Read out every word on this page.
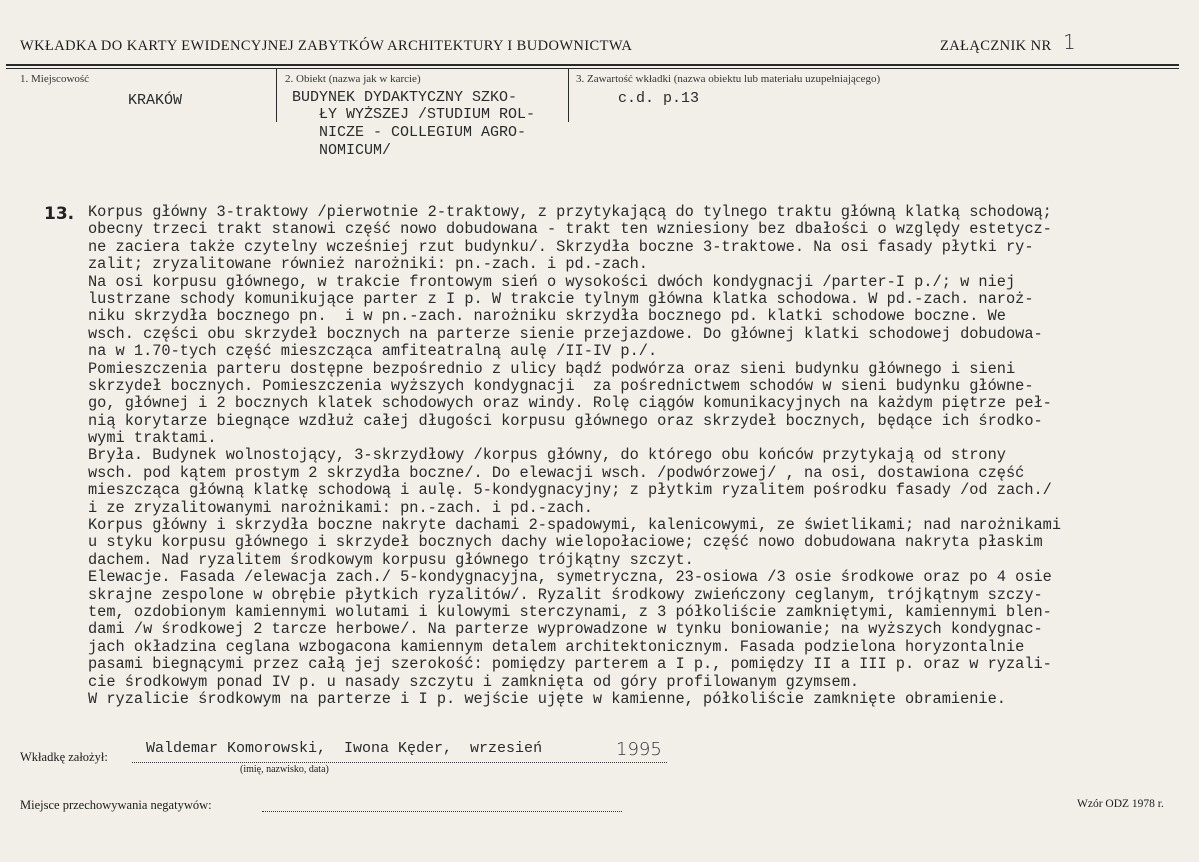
WKŁADKA DO KARTY EWIDENCYJNEJ ZABYTKÓW ARCHITEKTURY I BUDOWNICTWA	ZAŁĄCZNIK NR 1
1. Miejscowość
KRAKÓW
2. Obiekt (nazwa jak w karcie)
BUDYNEK DYDAKTYCZNY SZKO-
ŁY WYŻSZEJ /STUDIUM ROL-
NICZE - COLLEGIUM AGRO-
NOMICUM/
3. Zawartość wkładki (nazwa obiektu lub materiału uzupełniającego)
c.d. p.13
13. Korpus główny 3-traktowy /pierwotnie 2-traktowy, z przytykającą do tylnego traktu główną klatką schodową;
obecny trzeci trakt stanowi część nowo dobudowana - trakt ten wzniesiony bez dbałości o względy estetycz-
ne zaciera także czytelny wcześniej rzut budynku/. Skrzydła boczne 3-traktowe. Na osi fasady płytki ry-
zalit; zryzalitowane również narożniki: pn.-zach. i pd.-zach.
Na osi korpusu głównego, w trakcie frontowym sień o wysokości dwóch kondygnacji /parter-I p./; w niej
lustrzane schody komunikujące parter z I p. W trakcie tylnym główna klatka schodowa. W pd.-zach. naroż-
niku skrzydła bocznego pn.  i w pn.-zach. narożniku skrzydła bocznego pd. klatki schodowe boczne. We
wsch. części obu skrzydeł bocznych na parterze sienie przejazdowe. Do głównej klatki schodowej dobudowa-
na w 1.70-tych część mieszcząca amfiteatralną aulę /II-IV p./.
Pomieszczenia parteru dostępne bezpośrednio z ulicy bądź podwórza oraz sieni budynku głównego i sieni
skrzydeł bocznych. Pomieszczenia wyższych kondygnacji  za pośrednictwem schodów w sieni budynku główne-
go, głównej i 2 bocznych klatek schodowych oraz windy. Rolę ciągów komunikacyjnych na każdym piętrze peł-
nią korytarze biegnące wzdłuż całej długości korpusu głównego oraz skrzydeł bocznych, będące ich środko-
wymi traktami.
Bryła. Budynek wolnostojący, 3-skrzydłowy /korpus główny, do którego obu końców przytykają od strony
wsch. pod kątem prostym 2 skrzydła boczne/. Do elewacji wsch. /podwórzowej/ , na osi, dostawiona część
mieszcząca główną klatkę schodową i aulę. 5-kondygnacyjny; z płytkim ryzalitem pośrodku fasady /od zach./
i ze zryzalitowanymi narożnikami: pn.-zach. i pd.-zach.
Korpus główny i skrzydła boczne nakryte dachami 2-spadowymi, kalenicowymi, ze świetlikami; nad narożnikami
u styku korpusu głównego i skrzydeł bocznych dachy wielopołaciowe; część nowo dobudowana nakryta płaskim
dachem. Nad ryzalitem środkowym korpusu głównego trójkątny szczyt.
Elewacje. Fasada /elewacja zach./ 5-kondygnacyjna, symetryczna, 23-osiowa /3 osie środkowe oraz po 4 osie
skrajne zespolone w obrębie płytkich ryzalitów/. Ryzalit środkowy zwieńczony ceglanym, trójkątnym szczy-
tem, ozdobionym kamiennymi wolutami i kulowymi sterczynami, z 3 półkoliście zamkniętymi, kamiennymi blen-
dami /w środkowej 2 tarcze herbowe/. Na parterze wyprowadzone w tynku boniowanie; na wyższych kondygnac-
jach okładzina ceglana wzbogacona kamiennym detalem architektonicznym. Fasada podzielona horyzontalnie
pasami biegnącymi przez całą jej szerokość: pomiędzy parterem a I p., pomiędzy II a III p. oraz w ryzali-
cie środkowym ponad IV p. u nasady szczytu i zamknięta od góry profilowanym gzymsem.
W ryzalicie środkowym na parterze i I p. wejście ujęte w kamienne, półkoliście zamknięte obramienie.
Wkładkę założył:	Waldemar Komorowski,  Iwona Kęder,  wrzesień	1995
(imię, nazwisko, data)
Miejsce przechowywania negatywów:	Wzór ODZ 1978 r.
